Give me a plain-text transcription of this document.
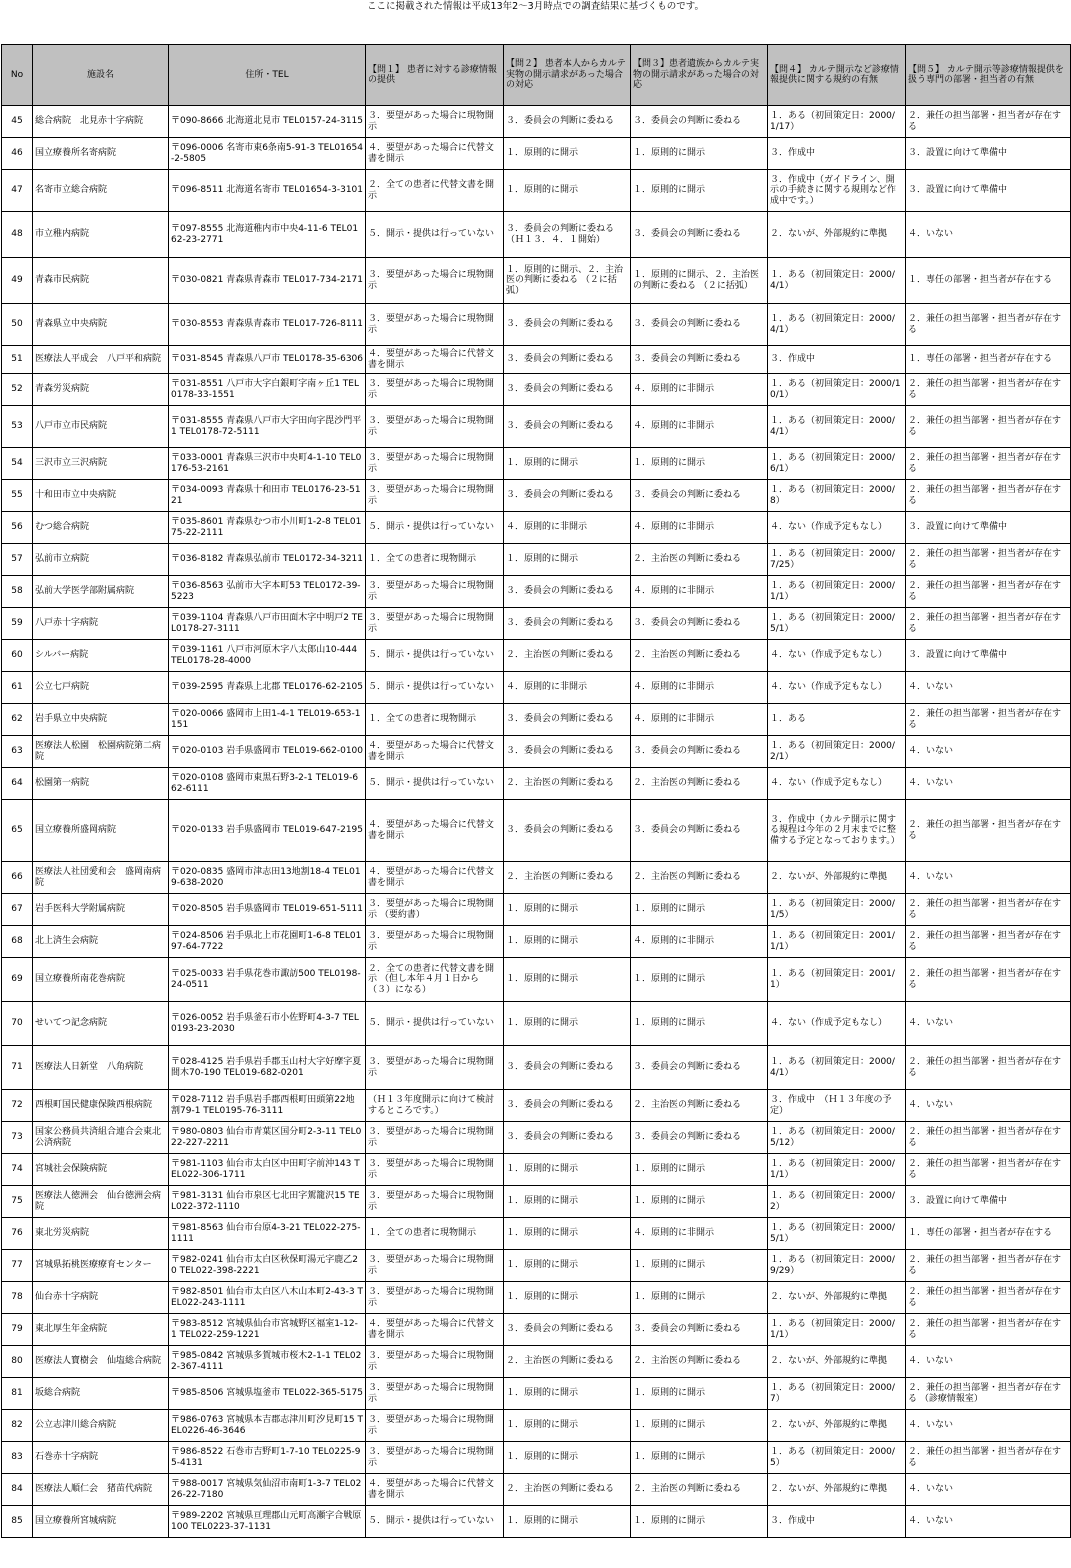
ここに掲載された情報は平成13年2～3月時点での調査結果に基づくものです。
No	施設名	住所・TEL	【問１】 患者に対する診療情報の提供	【問２】 患者本人からカルテ実物の開示請求があった場合の対応	【問３】患者遺族からカルテ実物の開示請求があった場合の対応	【問４】 カルテ開示など診療情報提供に関する規約の有無	【問５】 カルテ開示等診療情報提供を扱う専門の部署・担当者の有無
45	総合病院　北見赤十字病院	〒090-8666 北海道北見市 TEL0157-24-3115	３．要望があった場合に現物開示	３．委員会の判断に委ねる	３．委員会の判断に委ねる	１．ある（初回策定日：2000/1/17）	２．兼任の担当部署・担当者が存在する
46	国立療養所名寄病院	〒096-0006 名寄市東6条南5-91-3 TEL01654-2-5805	４．要望があった場合に代替文書を開示	１．原則的に開示	１．原則的に開示	３．作成中	３．設置に向けて準備中
47	名寄市立総合病院	〒096-8511 北海道名寄市 TEL01654-3-3101	２．全ての患者に代替文書を開示	１．原則的に開示	１．原則的に開示	３．作成中（ガイドライン、開示の手続きに関する規則など作成中です。）	３．設置に向けて準備中
48	市立稚内病院	〒097-8555 北海道稚内市中央4-11-6 TEL0162-23-2771	５．開示・提供は行っていない	３．委員会の判断に委ねる（Ｈ１３．４．１開始）	３．委員会の判断に委ねる	２．ないが、外部規約に準拠	４．いない
49	青森市民病院	〒030-0821 青森県青森市 TEL017-734-2171	３．要望があった場合に現物開示	１．原則的に開示、２．主治医の判断に委ねる （２に括弧）	１．原則的に開示、２．主治医の判断に委ねる （２に括弧）	１．ある（初回策定日：2000/4/1）	１．専任の部署・担当者が存在する
50	青森県立中央病院	〒030-8553 青森県青森市 TEL017-726-8111	３．要望があった場合に現物開示	３．委員会の判断に委ねる	３．委員会の判断に委ねる	１．ある（初回策定日：2000/4/1）	２．兼任の担当部署・担当者が存在する
51	医療法人平成会　八戸平和病院	〒031-8545 青森県八戸市 TEL0178-35-6306	４．要望があった場合に代替文書を開示	３．委員会の判断に委ねる	３．委員会の判断に委ねる	３．作成中	１．専任の部署・担当者が存在する
52	青森労災病院	〒031-8551 八戸市大字白銀町字南ヶ丘1 TEL0178-33-1551	３．要望があった場合に現物開示	３．委員会の判断に委ねる	４．原則的に非開示	１．ある（初回策定日：2000/10/1）	２．兼任の担当部署・担当者が存在する
53	八戸市立市民病院	〒031-8555 青森県八戸市大字田向字毘沙門平1 TEL0178-72-5111	３．要望があった場合に現物開示	３．委員会の判断に委ねる	４．原則的に非開示	１．ある（初回策定日：2000/4/1）	２．兼任の担当部署・担当者が存在する
54	三沢市立三沢病院	〒033-0001 青森県三沢市中央町4-1-10 TEL0176-53-2161	３．要望があった場合に現物開示	１．原則的に開示	１．原則的に開示	１．ある（初回策定日：2000/6/1）	２．兼任の担当部署・担当者が存在する
55	十和田市立中央病院	〒034-0093 青森県十和田市 TEL0176-23-5121	３．要望があった場合に現物開示	３．委員会の判断に委ねる	３．委員会の判断に委ねる	１．ある（初回策定日：2000/8）	２．兼任の担当部署・担当者が存在する
56	むつ総合病院	〒035-8601 青森県むつ市小川町1-2-8 TEL0175-22-2111	５．開示・提供は行っていない	４．原則的に非開示	４．原則的に非開示	４．ない（作成予定もなし）	３．設置に向けて準備中
57	弘前市立病院	〒036-8182 青森県弘前市 TEL0172-34-3211	１．全ての患者に現物開示	１．原則的に開示	２．主治医の判断に委ねる	１．ある（初回策定日：2000/7/25）	２．兼任の担当部署・担当者が存在する
58	弘前大学医学部附属病院	〒036-8563 弘前市大字本町53 TEL0172-39-5223	３．要望があった場合に現物開示	３．委員会の判断に委ねる	４．原則的に非開示	１．ある（初回策定日：2000/1/1）	２．兼任の担当部署・担当者が存在する
59	八戸赤十字病院	〒039-1104 青森県八戸市田面木字中明戸2 TEL0178-27-3111	３．要望があった場合に現物開示	３．委員会の判断に委ねる	３．委員会の判断に委ねる	１．ある（初回策定日：2000/5/1）	２．兼任の担当部署・担当者が存在する
60	シルバー病院	〒039-1161 八戸市河原木字八太郎山10-444 TEL0178-28-4000	５．開示・提供は行っていない	２．主治医の判断に委ねる	２．主治医の判断に委ねる	４．ない（作成予定もなし）	３．設置に向けて準備中
61	公立七戸病院	〒039-2595 青森県上北郡 TEL0176-62-2105	５．開示・提供は行っていない	４．原則的に非開示	４．原則的に非開示	４．ない（作成予定もなし）	４．いない
62	岩手県立中央病院	〒020-0066 盛岡市上田1-4-1 TEL019-653-1151	１．全ての患者に現物開示	３．委員会の判断に委ねる	４．原則的に非開示	１．ある	２．兼任の担当部署・担当者が存在する
63	医療法人松園　松園病院第二病院	〒020-0103 岩手県盛岡市 TEL019-662-0100	４．要望があった場合に代替文書を開示	３．委員会の判断に委ねる	３．委員会の判断に委ねる	１．ある（初回策定日：2000/2/1）	４．いない
64	松園第一病院	〒020-0108 盛岡市東黒石野3-2-1 TEL019-662-6111	５．開示・提供は行っていない	２．主治医の判断に委ねる	２．主治医の判断に委ねる	４．ない（作成予定もなし）	４．いない
65	国立療養所盛岡病院	〒020-0133 岩手県盛岡市 TEL019-647-2195	４．要望があった場合に代替文書を開示	３．委員会の判断に委ねる	３．委員会の判断に委ねる	３．作成中（カルテ開示に関する規程は今年の２月末までに整備する予定となっております。）	２．兼任の担当部署・担当者が存在する
66	医療法人社団愛和会　盛岡南病院	〒020-0835 盛岡市津志田13地割18-4 TEL019-638-2020	４．要望があった場合に代替文書を開示	２．主治医の判断に委ねる	２．主治医の判断に委ねる	２．ないが、外部規約に準拠	４．いない
67	岩手医科大学附属病院	〒020-8505 岩手県盛岡市 TEL019-651-5111	３．要望があった場合に現物開示 （要約書）	１．原則的に開示	１．原則的に開示	１．ある（初回策定日：2000/1/5）	２．兼任の担当部署・担当者が存在する
68	北上済生会病院	〒024-8506 岩手県北上市花園町1-6-8 TEL0197-64-7722	３．要望があった場合に現物開示	１．原則的に開示	４．原則的に非開示	１．ある（初回策定日：2001/1/1）	２．兼任の担当部署・担当者が存在する
69	国立療養所南花巻病院	〒025-0033 岩手県花巻市諏訪500 TEL0198-24-0511	２．全ての患者に代替文書を開示 （但し本年４月１日から（３）になる）	１．原則的に開示	１．原則的に開示	１．ある（初回策定日：2001/1）	２．兼任の担当部署・担当者が存在する
70	せいてつ記念病院	〒026-0052 岩手県釜石市小佐野町4-3-7 TEL0193-23-2030	５．開示・提供は行っていない	１．原則的に開示	１．原則的に開示	４．ない（作成予定もなし）	４．いない
71	医療法人日新堂　八角病院	〒028-4125 岩手県岩手郡玉山村大字好摩字夏間木70-190 TEL019-682-0201	３．要望があった場合に現物開示	３．委員会の判断に委ねる	３．委員会の判断に委ねる	１．ある（初回策定日：2000/4/1）	２．兼任の担当部署・担当者が存在する
72	西根町国民健康保険西根病院	〒028-7112 岩手県岩手郡西根町田頭第22地割79-1 TEL0195-76-3111	（Ｈ１３年度開示に向けて検討するところです。）	３．委員会の判断に委ねる	２．主治医の判断に委ねる	３．作成中　（Ｈ１３年度の予定）	４．いない
73	国家公務員共済組合連合会東北公済病院	〒980-0803 仙台市青葉区国分町2-3-11 TEL022-227-2211	３．要望があった場合に現物開示	３．委員会の判断に委ねる	３．委員会の判断に委ねる	１．ある（初回策定日：2000/5/12）	２．兼任の担当部署・担当者が存在する
74	宮城社会保険病院	〒981-1103 仙台市太白区中田町字前沖143 TEL022-306-1711	３．要望があった場合に現物開示	１．原則的に開示	１．原則的に開示	１．ある（初回策定日：2000/1/1）	２．兼任の担当部署・担当者が存在する
75	医療法人徳洲会　仙台徳洲会病院	〒981-3131 仙台市泉区七北田字駕籠沢15 TEL022-372-1110	３．要望があった場合に現物開示	１．原則的に開示	１．原則的に開示	１．ある（初回策定日：2000/2）	３．設置に向けて準備中
76	東北労災病院	〒981-8563 仙台市台原4-3-21 TEL022-275-1111	１．全ての患者に現物開示	１．原則的に開示	４．原則的に非開示	１．ある（初回策定日：2000/5/1）	１．専任の部署・担当者が存在する
77	宮城県拓桃医療療育センター	〒982-0241 仙台市太白区秋保町湯元字鹿乙20 TEL022-398-2221	３．要望があった場合に現物開示	１．原則的に開示	１．原則的に開示	１．ある（初回策定日：2000/9/29）	２．兼任の担当部署・担当者が存在する
78	仙台赤十字病院	〒982-8501 仙台市太白区八木山本町2-43-3 TEL022-243-1111	３．要望があった場合に現物開示	１．原則的に開示	１．原則的に開示	２．ないが、外部規約に準拠	２．兼任の担当部署・担当者が存在する
79	東北厚生年金病院	〒983-8512 宮城県仙台市宮城野区福室1-12-1 TEL022-259-1221	４．要望があった場合に代替文書を開示	３．委員会の判断に委ねる	３．委員会の判断に委ねる	１．ある（初回策定日：2000/1/1）	２．兼任の担当部署・担当者が存在する
80	医療法人寶樹会　仙塩総合病院	〒985-0842 宮城県多賀城市桜木2-1-1 TEL022-367-4111	３．要望があった場合に現物開示	２．主治医の判断に委ねる	２．主治医の判断に委ねる	２．ないが、外部規約に準拠	４．いない
81	坂総合病院	〒985-8506 宮城県塩釜市 TEL022-365-5175	３．要望があった場合に現物開示	１．原則的に開示	１．原則的に開示	１．ある（初回策定日：2000/7）	２．兼任の担当部署・担当者が存在する （診療情報室）
82	公立志津川総合病院	〒986-0763 宮城県本吉郡志津川町汐見町15 TEL0226-46-3646	３．要望があった場合に現物開示	１．原則的に開示	１．原則的に開示	２．ないが、外部規約に準拠	４．いない
83	石巻赤十字病院	〒986-8522 石巻市吉野町1-7-10 TEL0225-95-4131	３．要望があった場合に現物開示	１．原則的に開示	１．原則的に開示	１．ある（初回策定日：2000/5）	２．兼任の担当部署・担当者が存在する
84	医療法人順仁会　猪苗代病院	〒988-0017 宮城県気仙沼市南町1-3-7 TEL0226-22-7180	４．要望があった場合に代替文書を開示	２．主治医の判断に委ねる	２．主治医の判断に委ねる	２．ないが、外部規約に準拠	４．いない
85	国立療養所宮城病院	〒989-2202 宮城県亘理郡山元町高瀬字合戦原100 TEL0223-37-1131	５．開示・提供は行っていない	１．原則的に開示	１．原則的に開示	３．作成中	４．いない
